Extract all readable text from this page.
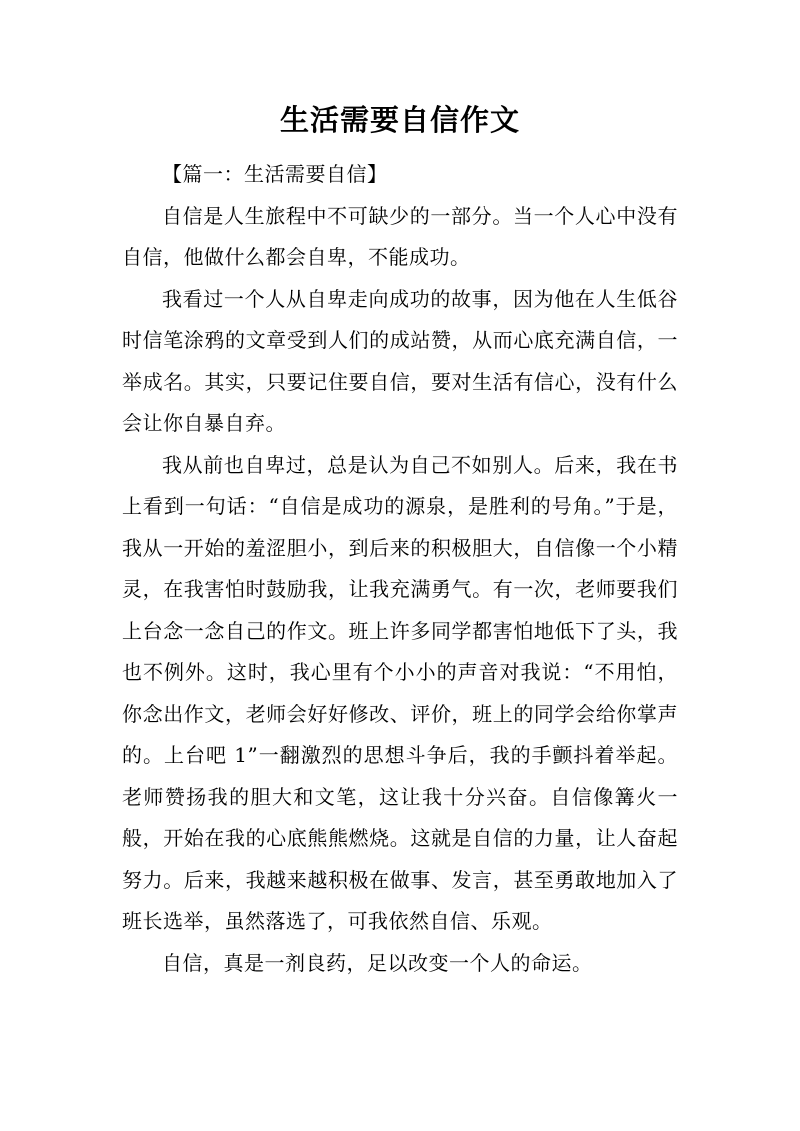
生活需要自信作文

【篇一：生活需要自信】

自信是人生旅程中不可缺少的一部分。当一个人心中没有自信，他做什么都会自卑，不能成功。

我看过一个人从自卑走向成功的故事，因为他在人生低谷时信笔涂鸦的文章受到人们的成站赞，从而心底充满自信，一举成名。其实，只要记住要自信，要对生活有信心，没有什么会让你自暴自弃。

我从前也自卑过，总是认为自己不如别人。后来，我在书上看到一句话：“自信是成功的源泉，是胜利的号角。”于是，我从一开始的羞涩胆小，到后来的积极胆大，自信像一个小精灵，在我害怕时鼓励我，让我充满勇气。有一次，老师要我们上台念一念自己的作文。班上许多同学都害怕地低下了头，我也不例外。这时，我心里有个小小的声音对我说：“不用怕，你念出作文，老师会好好修改、评价，班上的同学会给你掌声的。上台吧 1”一翻激烈的思想斗争后，我的手颤抖着举起。老师赞扬我的胆大和文笔，这让我十分兴奋。自信像篝火一般，开始在我的心底熊熊燃烧。这就是自信的力量，让人奋起努力。后来，我越来越积极在做事、发言，甚至勇敢地加入了班长选举，虽然落选了，可我依然自信、乐观。

自信，真是一剂良药，足以改变一个人的命运。
